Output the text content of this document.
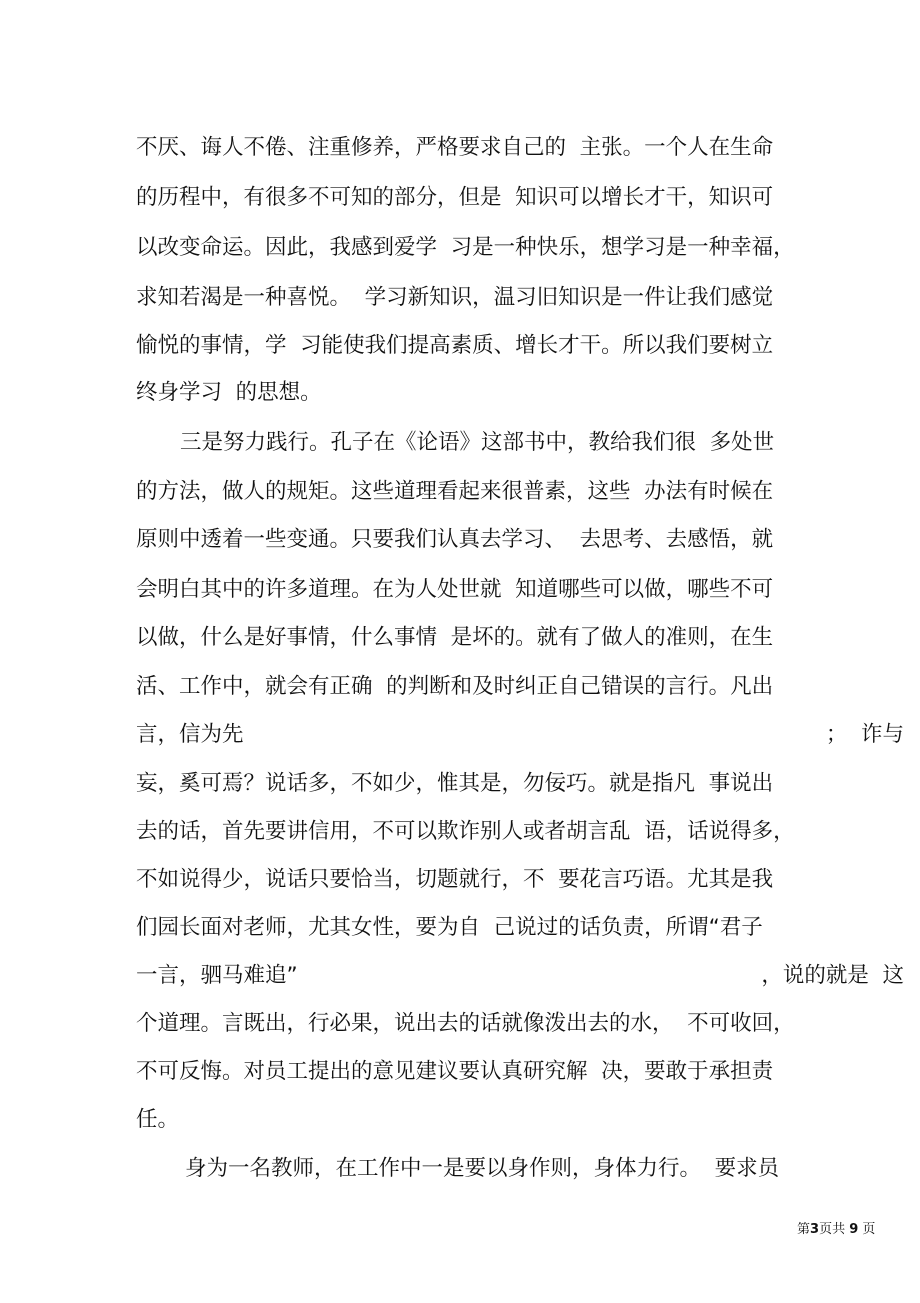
不厌、诲人不倦、注重修养，严格要求自己的  主张。一个人在生命
的历程中，有很多不可知的部分，但是  知识可以增长才干，知识可
以改变命运。因此，我感到爱学  习是一种快乐，想学习是一种幸福，
求知若渴是一种喜悦。  学习新知识，温习旧知识是一件让我们感觉
愉悦的事情，学  习能使我们提高素质、增长才干。所以我们要树立
终身学习  的思想。
三是努力践行。孔子在《论语》这部书中，教给我们很  多处世
的方法，做人的规矩。这些道理看起来很普素，这些  办法有时候在
原则中透着一些变通。只要我们认真去学习、  去思考、去感悟，就
会明白其中的许多道理。在为人处世就  知道哪些可以做，哪些不可
以做，什么是好事情，什么事情  是坏的。就有了做人的准则，在生
活、工作中，就会有正确  的判断和及时纠正自己错误的言行。凡出

言，信为先

	；  诈与

妄，奚可焉？说话多，不如少，惟其是，勿佞巧。就是指凡  事说出
去的话，首先要讲信用，不可以欺诈别人或者胡言乱  语，话说得多，
不如说得少，说话只要恰当，切题就行，不  要花言巧语。尤其是我
们园长面对老师，尤其女性，要为自  己说过的话负责，所谓“君子

一言，驷马难追”

	，说的就是  这

个道理。言既出，行必果，说出去的话就像泼出去的水，  不可收回，
不可反悔。对员工提出的意见建议要认真研究解  决，要敢于承担责
任。
身为一名教师，在工作中一是要以身作则，身体力行。  要求员
第3页共 9 页
